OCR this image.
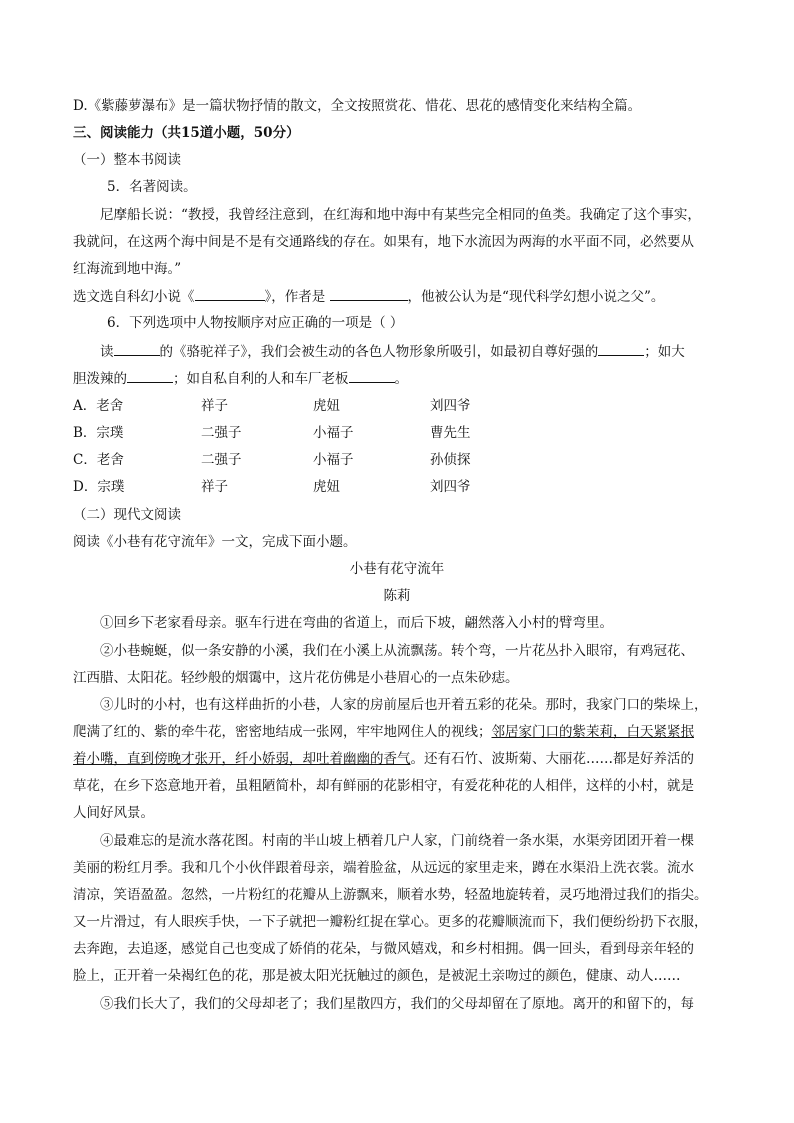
D.《紫藤萝瀑布》是一篇状物抒情的散文，全文按照赏花、惜花、思花的感情变化来结构全篇。
三、阅读能力（共15道小题，50分）
（一）整本书阅读
5．名著阅读。
尼摩船长说：“教授，我曾经注意到，在红海和地中海中有某些完全相同的鱼类。我确定了这个事实，
我就问，在这两个海中间是不是有交通路线的存在。如果有，地下水流因为两海的水平面不同，必然要从
红海流到地中海。”
选文选自科幻小说《	》，作者是	，他被公认为是“现代科学幻想小说之父”。
6．下列选项中人物按顺序对应正确的一项是（ ）
读	的《骆驼祥子》，我们会被生动的各色人物形象所吸引，如最初自尊好强的	；如大
胆泼辣的	；如自私自利的人和车厂老板	。
A．老舍	祥子	虎妞	刘四爷
B．宗璞	二强子	小福子	曹先生
C．老舍	二强子	小福子	孙侦探
D．宗璞	祥子	虎妞	刘四爷
（二）现代文阅读
阅读《小巷有花守流年》一文，完成下面小题。
小巷有花守流年
陈莉
①回乡下老家看母亲。驱车行进在弯曲的省道上，而后下坡，翩然落入小村的臂弯里。
②小巷蜿蜒，似一条安静的小溪，我们在小溪上从流飘荡。转个弯，一片花丛扑入眼帘，有鸡冠花、
江西腊、太阳花。轻纱般的烟霭中，这片花仿佛是小巷眉心的一点朱砂痣。
③儿时的小村，也有这样曲折的小巷，人家的房前屋后也开着五彩的花朵。那时，我家门口的柴垛上，
爬满了红的、紫的牵牛花，密密地结成一张网，牢牢地网住人的视线；邻居家门口的紫茉莉，白天紧紧抿
着小嘴，直到傍晚才张开，纤小娇弱，却吐着幽幽的香气。还有石竹、波斯菊、大丽花……都是好养活的
草花，在乡下恣意地开着，虽粗陋简朴，却有鲜丽的花影相守，有爱花种花的人相伴，这样的小村，就是
人间好风景。
④最难忘的是流水落花图。村南的半山坡上栖着几户人家，门前绕着一条水渠，水渠旁团团开着一棵
美丽的粉红月季。我和几个小伙伴跟着母亲，端着脸盆，从远远的家里走来，蹲在水渠沿上洗衣裳。流水
清凉，笑语盈盈。忽然，一片粉红的花瓣从上游飘来，顺着水势，轻盈地旋转着，灵巧地滑过我们的指尖。
又一片滑过，有人眼疾手快，一下子就把一瓣粉红捉在掌心。更多的花瓣顺流而下，我们便纷纷扔下衣服，
去奔跑，去追逐，感觉自己也变成了娇俏的花朵，与微风嬉戏，和乡村相拥。偶一回头，看到母亲年轻的
脸上，正开着一朵褐红色的花，那是被太阳光抚触过的颜色，是被泥土亲吻过的颜色，健康、动人……
⑤我们长大了，我们的父母却老了；我们星散四方，我们的父母却留在了原地。离开的和留下的，每
